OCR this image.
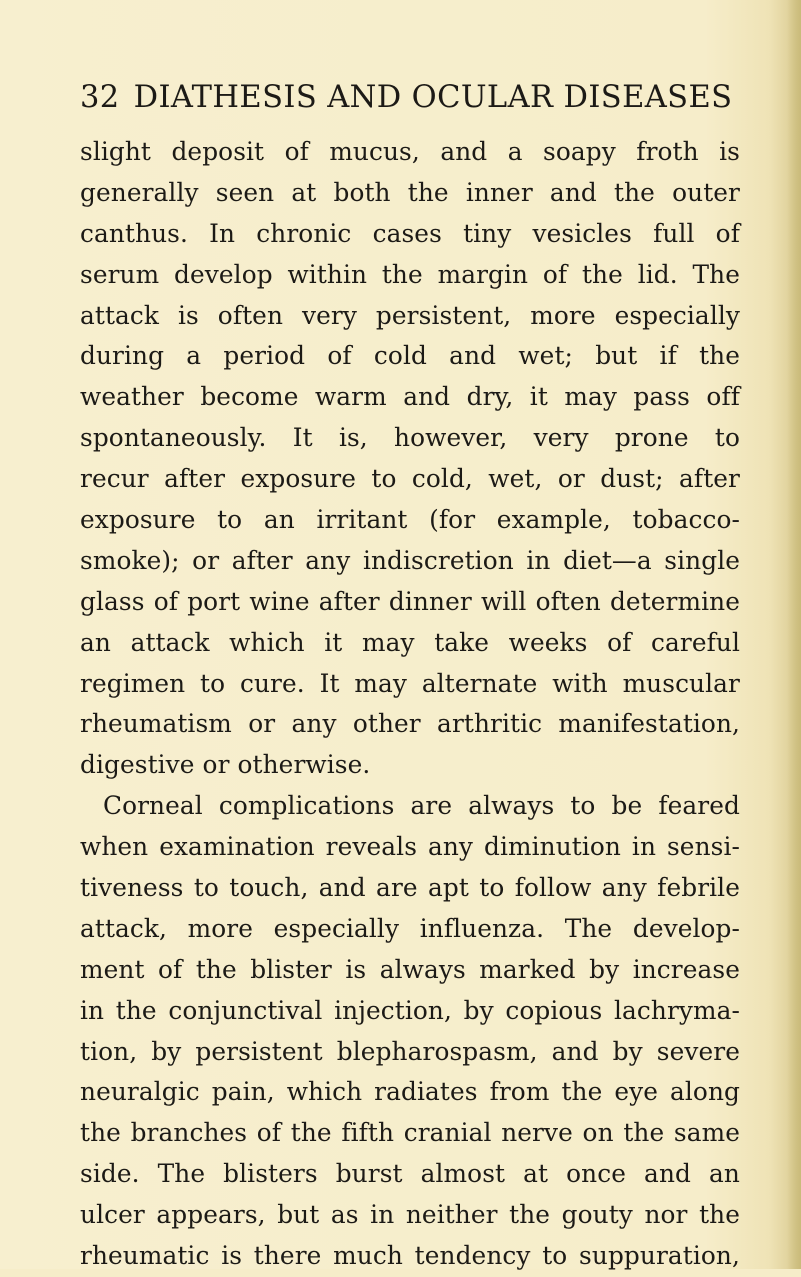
32 DIATHESIS AND OCULAR DISEASES
slight deposit of mucus, and a soapy froth is
generally seen at both the inner and the outer
canthus. In chronic cases tiny vesicles full of
serum develop within the margin of the lid. The
attack is often very persistent, more especially
during a period of cold and wet; but if the
weather become warm and dry, it may pass off
spontaneously. It is, however, very prone to
recur after exposure to cold, wet, or dust; after
exposure to an irritant (for example, tobacco-
smoke); or after any indiscretion in diet—a single
glass of port wine after dinner will often determine
an attack which it may take weeks of careful
regimen to cure. It may alternate with muscular
rheumatism or any other arthritic manifestation,
digestive or otherwise.
Corneal complications are always to be feared
when examination reveals any diminution in sensi-
tiveness to touch, and are apt to follow any febrile
attack, more especially influenza. The develop-
ment of the blister is always marked by increase
in the conjunctival injection, by copious lachryma-
tion, by persistent blepharospasm, and by severe
neuralgic pain, which radiates from the eye along
the branches of the fifth cranial nerve on the same
side. The blisters burst almost at once and an
ulcer appears, but as in neither the gouty nor the
rheumatic is there much tendency to suppuration,
